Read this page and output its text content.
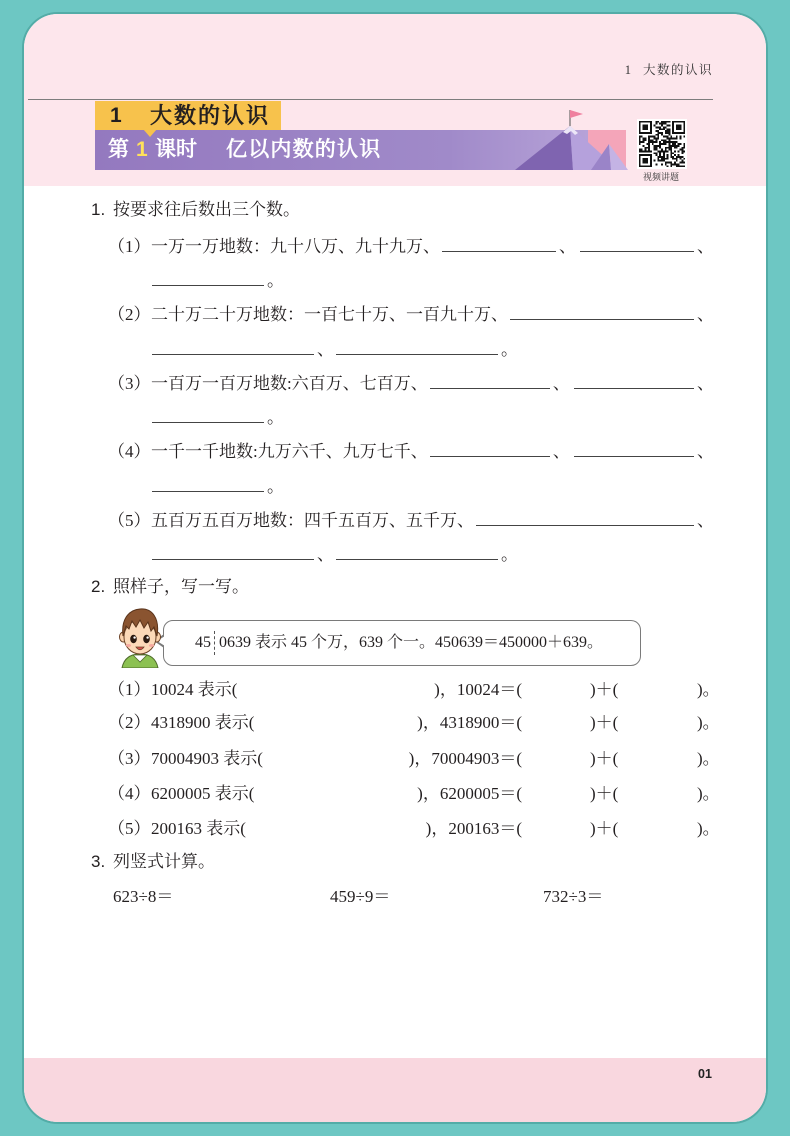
1 大数的认识
1 大数的认识
第 1 课时 亿以内数的认识
视频讲题
1. 按要求往后数出三个数。
（1） 一万一万地数：九十八万、九十九万、	、	、
。
（2） 二十万二十万地数：一百七十万、一百九十万、	、
、	。
（3） 一百万一百万地数:六百万、七百万、	、	、
。
（4） 一千一千地数:九万六千、九万七千、	、	、
。
（5） 五百万五百万地数：四千五百万、五千万、	、
、	。
2. 照样子，写一写。
45 0639 表示 45 个万，639 个一。450639＝450000＋639。
（1） 10024 表示(	)，10024＝(	)＋(	)。
（2） 4318900 表示(	)，4318900＝(	)＋(	)。
（3） 70004903 表示(	)，70004903＝(	)＋(	)。
（4） 6200005 表示(	)，6200005＝(	)＋(	)。
（5） 200163 表示(	)，200163＝(	)＋(	)。
3. 列竖式计算。
623÷8＝	459÷9＝	732÷3＝
01
